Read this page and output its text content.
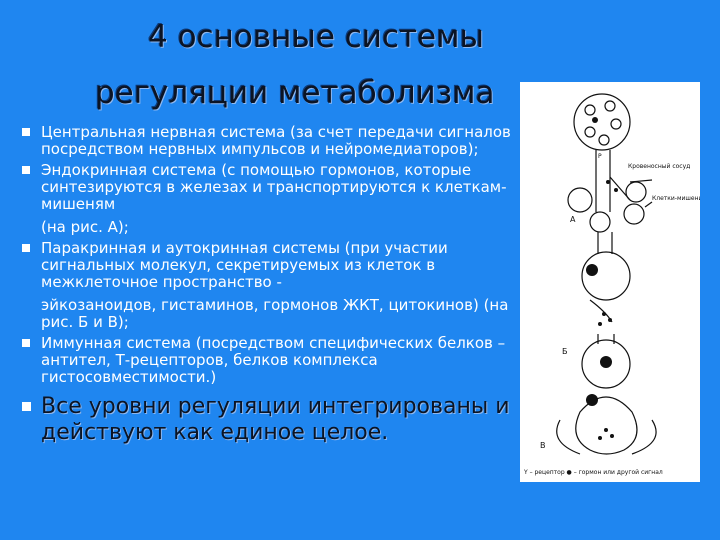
4 основные системы
регуляции метаболизма
Центральная нервная система (за счет передачи сигналов посредством нервных импульсов и нейромедиаторов);
Эндокринная система (с помощью гормонов, которые синтезируются в железах и транспортируются к клеткам-мишеням
(на рис. А);
Паракринная и аутокринная системы (при участии сигнальных молекул, секретируемых из клеток в межклеточное пространство -
эйкозаноидов, гистаминов, гормонов ЖКТ, цитокинов) (на рис. Б и В);
Иммунная система (посредством специфических белков – антител, Т-рецепторов, белков комплекса гистосовместимости.)
Все уровни регуляции интегрированы и действуют как единое целое.
Кровеносный сосуд
Клетки-мишени
Р
А
Б
В
Y – рецептор ● – гормон или другой сигнал
